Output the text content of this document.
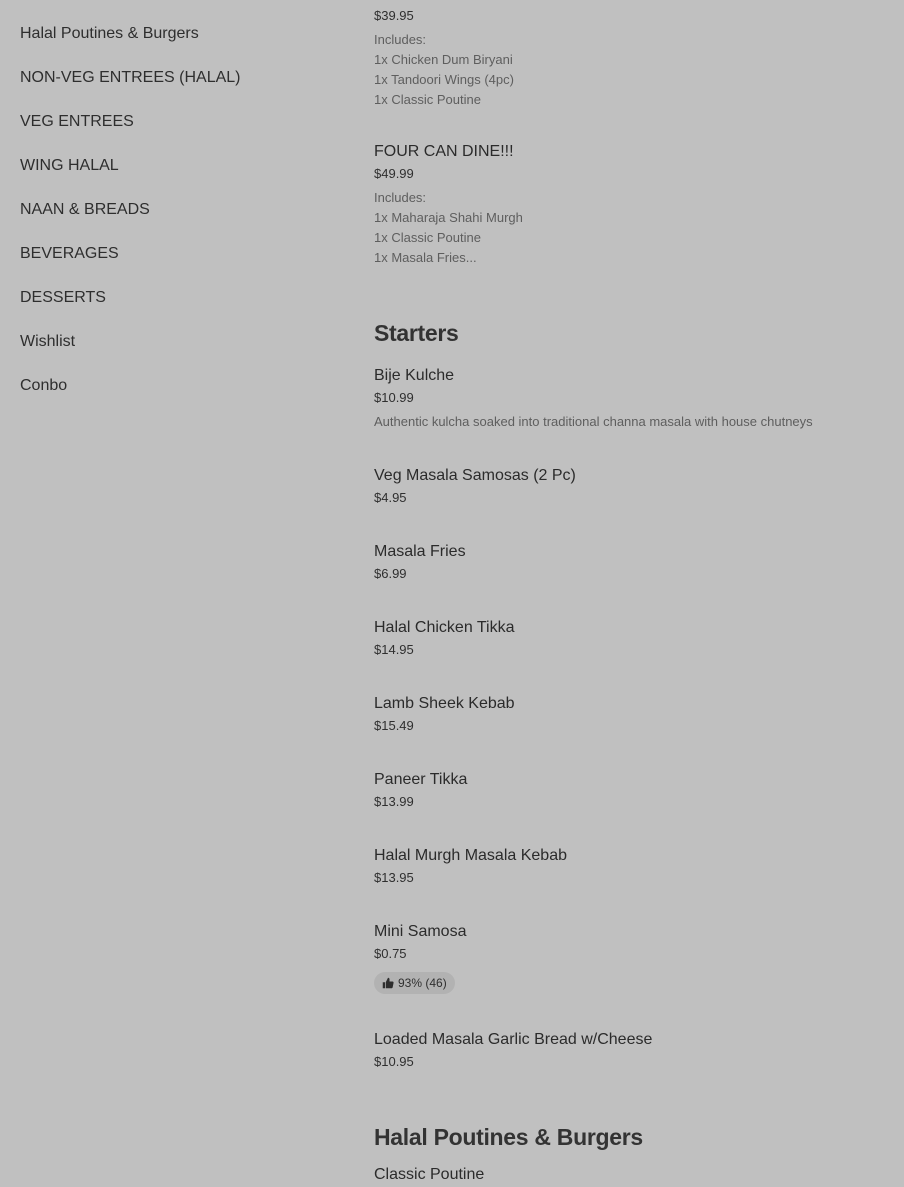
Halal Poutines & Burgers
NON-VEG ENTREES (HALAL)
VEG ENTREES
WING HALAL
NAAN & BREADS
BEVERAGES
DESSERTS
Wishlist
Conbo
$39.95
Includes:
1x Chicken Dum Biryani
1x Tandoori Wings (4pc)
1x Classic Poutine
FOUR CAN DINE!!!
$49.99
Includes:
1x Maharaja Shahi Murgh
1x Classic Poutine
1x Masala Fries...
Starters
Bije Kulche
$10.99
Authentic kulcha soaked into traditional channa masala with house chutneys
Veg Masala Samosas (2 Pc)
$4.95
Masala Fries
$6.99
Halal Chicken Tikka
$14.95
Lamb Sheek Kebab
$15.49
Paneer Tikka
$13.99
Halal Murgh Masala Kebab
$13.95
Mini Samosa
$0.75
93% (46)
Loaded Masala Garlic Bread w/Cheese
$10.95
Halal Poutines & Burgers
Classic Poutine
